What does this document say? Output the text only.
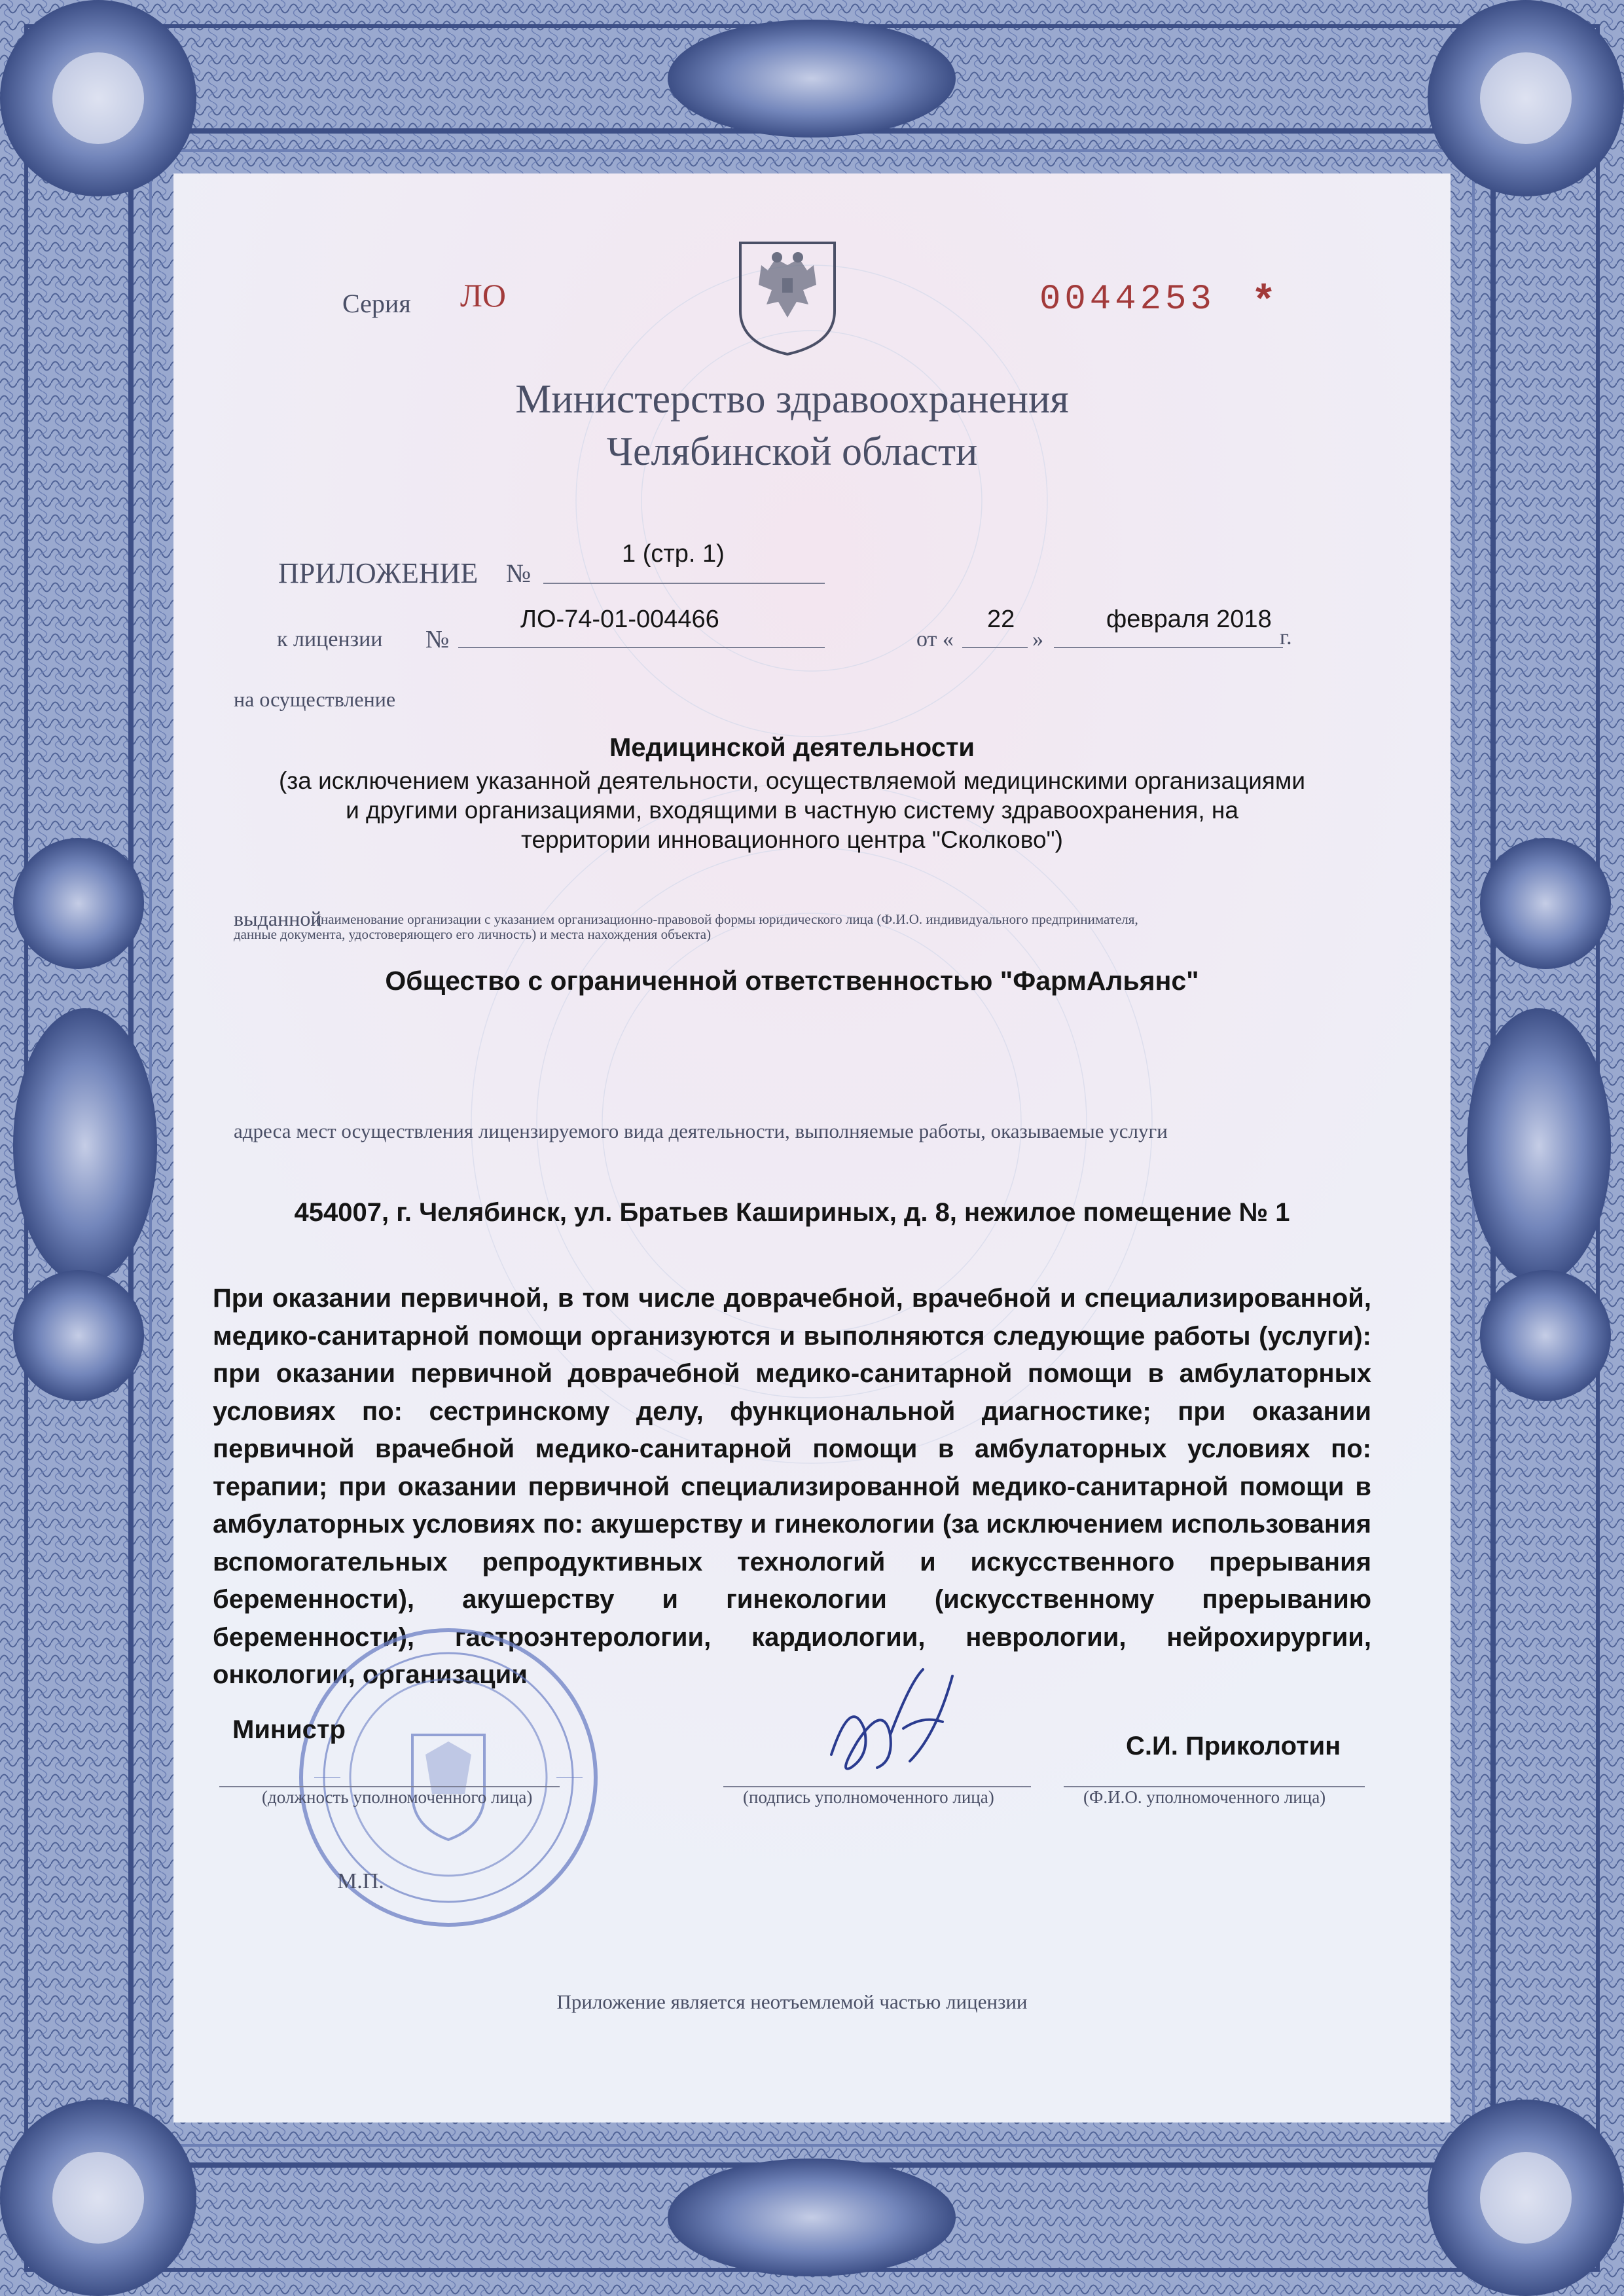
Серия ЛО	0044253 *
Министерство здравоохранения
Челябинской области
ПРИЛОЖЕНИЕ №
1 (стр. 1)
к лицензии №
ЛО-74-01-004466
от «
22
»
февраля 2018
г.
на осуществление
Медицинской деятельности
(за исключением указанной деятельности, осуществляемой медицинскими организациями
и другими организациями, входящими в частную систему здравоохранения, на
территории инновационного центра "Сколково")
выданной
(наименование организации с указанием организационно-правовой формы юридического лица (Ф.И.О. индивидуального предпринимателя,
данные документа, удостоверяющего его личность) и места нахождения объекта)
Общество с ограниченной ответственностью "ФармАльянс"
адреса мест осуществления лицензируемого вида деятельности, выполняемые работы, оказываемые услуги
454007, г. Челябинск, ул. Братьев Кашириных, д. 8, нежилое помещение № 1
При оказании первичной, в том числе доврачебной, врачебной и специализированной, медико-санитарной помощи организуются и выполняются следующие работы (услуги): при оказании первичной доврачебной медико-санитарной помощи в амбулаторных условиях по: сестринскому делу, функциональной диагностике; при оказании первичной врачебной медико-санитарной помощи в амбулаторных условиях по: терапии; при оказании первичной специализированной медико-санитарной помощи в амбулаторных условиях по: акушерству и гинекологии (за исключением использования вспомогательных репродуктивных технологий и искусственного прерывания беременности), акушерству и гинекологии (искусственному прерыванию беременности), гастроэнтерологии, кардиологии, неврологии, нейрохирургии, онкологии, организации
Министр
(должность уполномоченного лица)	(подпись уполномоченного лица)
С.И. Приколотин
(Ф.И.О. уполномоченного лица)
М.П.
Приложение является неотъемлемой частью лицензии
